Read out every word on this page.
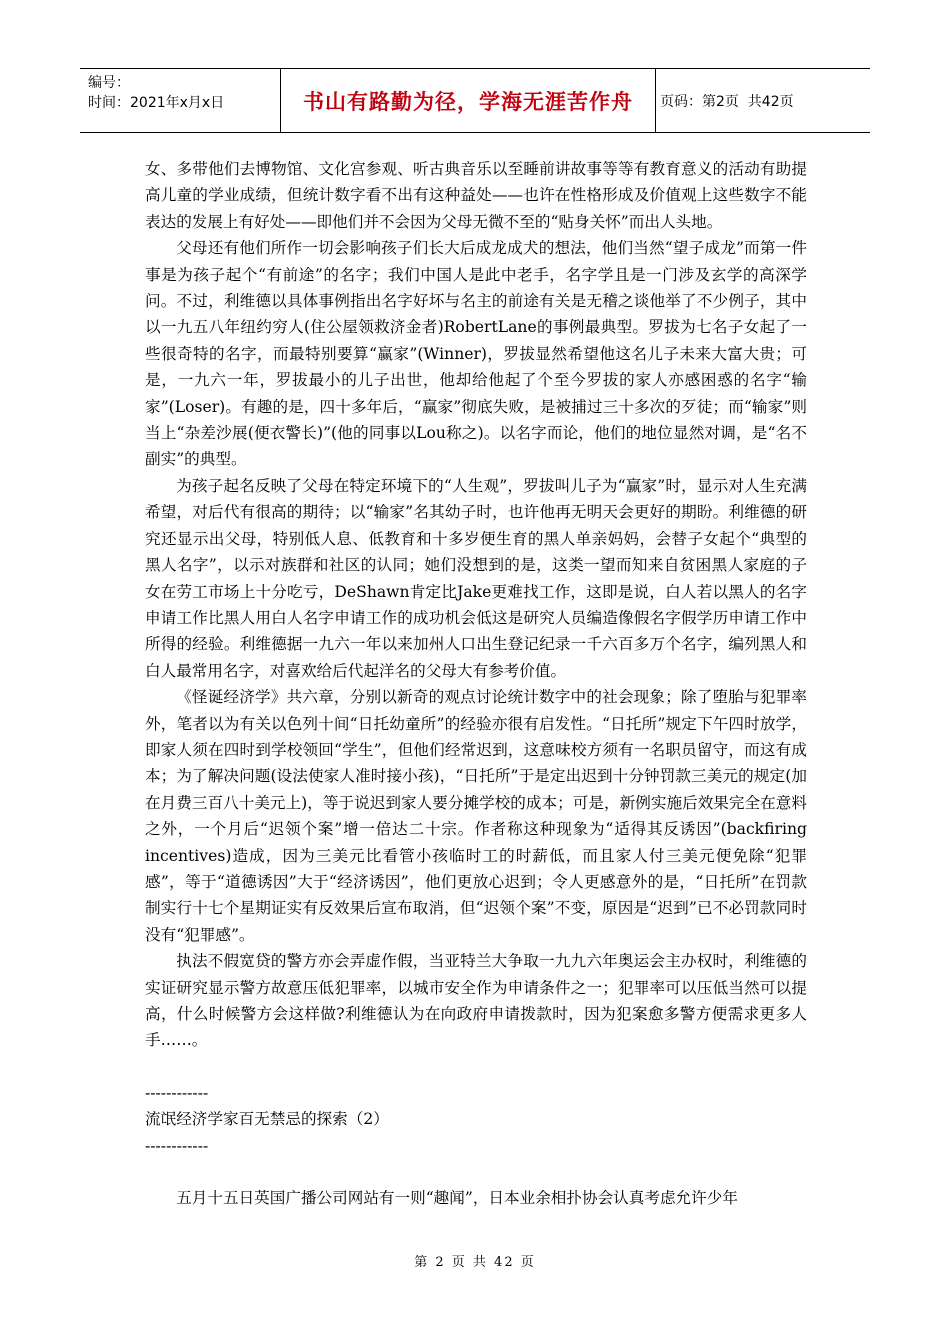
编号：
时间：2021年x月x日	书山有路勤为径，学海无涯苦作舟	页码：第2页  共42页

女、多带他们去博物馆、文化宫参观、听古典音乐以至睡前讲故事等等有教育意义的活动有助提高儿童的学业成绩，但统计数字看不出有这种益处——也许在性格形成及价值观上这些数字不能表达的发展上有好处——即他们并不会因为父母无微不至的“贴身关怀”而出人头地。

父母还有他们所作一切会影响孩子们长大后成龙成犬的想法，他们当然“望子成龙”而第一件事是为孩子起个“有前途”的名字；我们中国人是此中老手，名字学且是一门涉及玄学的高深学问。不过，利维德以具体事例指出名字好坏与名主的前途有关是无稽之谈他举了不少例子，其中以一九五八年纽约穷人(住公屋领救济金者)RobertLane的事例最典型。罗拔为七名子女起了一些很奇特的名字，而最特别要算“赢家”(Winner)，罗拔显然希望他这名儿子未来大富大贵；可是，一九六一年，罗拔最小的儿子出世，他却给他起了个至今罗拔的家人亦感困惑的名字“输家”(Loser)。有趣的是，四十多年后，“赢家”彻底失败，是被捕过三十多次的歹徒；而“输家”则当上“杂差沙展(便衣警长)”(他的同事以Lou称之)。以名字而论，他们的地位显然对调，是“名不副实”的典型。

为孩子起名反映了父母在特定环境下的“人生观”，罗拔叫儿子为“赢家”时，显示对人生充满希望，对后代有很高的期待；以“输家”名其幼子时，也许他再无明天会更好的期盼。利维德的研究还显示出父母，特别低人息、低教育和十多岁便生育的黑人单亲妈妈，会替子女起个“典型的黑人名字”，以示对族群和社区的认同；她们没想到的是，这类一望而知来自贫困黑人家庭的子女在劳工市场上十分吃亏，DeShawn肯定比Jake更难找工作，这即是说，白人若以黑人的名字申请工作比黑人用白人名字申请工作的成功机会低这是研究人员编造像假名字假学历申请工作中所得的经验。利维德据一九六一年以来加州人口出生登记纪录一千六百多万个名字，编列黑人和白人最常用名字，对喜欢给后代起洋名的父母大有参考价值。

《怪诞经济学》共六章，分别以新奇的观点讨论统计数字中的社会现象；除了堕胎与犯罪率外，笔者以为有关以色列十间“日托幼童所”的经验亦很有启发性。“日托所”规定下午四时放学，即家人须在四时到学校领回“学生”，但他们经常迟到，这意味校方须有一名职员留守，而这有成本；为了解决问题(设法使家人准时接小孩)，“日托所”于是定出迟到十分钟罚款三美元的规定(加在月费三百八十美元上)，等于说迟到家人要分摊学校的成本；可是，新例实施后效果完全在意料之外，一个月后“迟领个案”增一倍达二十宗。作者称这种现象为“适得其反诱因”(backfiring incentives)造成，因为三美元比看管小孩临时工的时薪低，而且家人付三美元便免除“犯罪感”，等于“道德诱因”大于“经济诱因”，他们更放心迟到；令人更感意外的是，“日托所”在罚款制实行十七个星期证实有反效果后宣布取消，但“迟领个案”不变，原因是“迟到”已不必罚款同时没有“犯罪感”。

执法不假宽贷的警方亦会弄虚作假，当亚特兰大争取一九九六年奥运会主办权时，利维德的实证研究显示警方故意压低犯罪率，以城市安全作为申请条件之一；犯罪率可以压低当然可以提高，什么时候警方会这样做?利维德认为在向政府申请拨款时，因为犯案愈多警方便需求更多人手……。

------------

流氓经济学家百无禁忌的探索（2）

------------

五月十五日英国广播公司网站有一则“趣闻”，日本业余相扑协会认真考虑允许少年

第 2 页 共 42 页
